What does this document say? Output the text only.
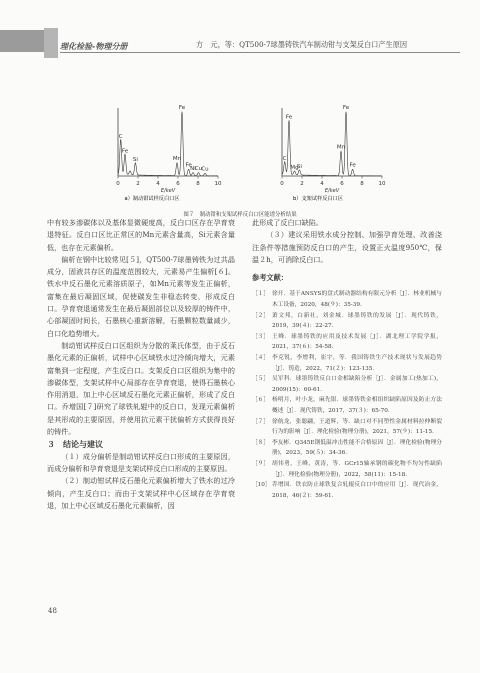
理化检验-物理分册	方　元，等：QT500-7球墨铸铁汽车制动钳与支架反白口产生原因
0	2	4	6	8	10
E/keV
C
Fe
Si	Mn
Fe
Fe
Ni Cu Cu
0	2	4	6	8	10
E/keV
C
Fe
Mg
Si
Mn
Fe
Fe
a）制动钳试样反白口区	b）支架试样反白口区
图７　制动钳和支架试样反白口区能谱分析结果

中有较多渗碳体以及基体显微硬度高，反白口区存在孕育衰退特征。反白口区比正常区的Mn元素含量高，Si元素含量低，也存在元素偏析。

偏析在钢中比较常见[５]，QT500-7球墨铸铁为过共晶成分，固液共存区的温度范围较大，元素易产生偏析[６]。铁水中反石墨化元素溶质原子，如Mn元素等发生正偏析，富集在最后凝固区域，促使碳发生非稳态转变，形成反白口。孕育衰退通常发生在最后凝固部位以及较厚的铸件中，心部凝固时间长，石墨核心重新溶解，石墨颗粒数量减少，白口化趋势增大。

制动钳试样反白口区组织为分散的莱氏体型，由于反石墨化元素的正偏析，试样中心区域铁水过冷倾向增大，元素富集到一定程度，产生反白口。支架反白口区组织为集中的渗碳体型，支架试样中心局部存在孕育衰退，使得石墨核心作用消退，加上中心区域反石墨化元素正偏析，形成了反白口。乔增国[７]研究了球铁轧辊中的反白口，发现元素偏析是其形成的主要原因，并使用抗元素干扰偏析方式获得良好的铸件。

３　结论与建议

（１）成分偏析是制动钳试样反白口形成的主要原因，而成分偏析和孕育衰退是支架试样反白口形成的主要原因。

（２）制动钳试样反石墨化元素偏析增大了铁水的过冷倾向，产生反白口；而由于支架试样中心区域存在孕育衰退，加上中心区域反石墨化元素偏析，因

此形成了反白口缺陷。

（３）建议采用铁水成分控制、加强孕育处理、改善浇注条件等措施预防反白口的产生，设置正火温度950℃，保温２h，可消除反白口。

参考文献：
［１］ 徐开．基于ANSYS的盘式制动器结构有限元分析［J］．林业机械与木工设备，2020，48(９)：35-39．
［２］ 萧文邦，白新社，刘金城．球墨铸铁的发展［J］．现代铸铁，2019，39(４)：22-27．
［３］ 王峰．球墨铸铁的应用及技术发展［J］．湖北理工学院学报，2021，37(６)：54-58．
［４］ 李克锐，李增利，崔宇，等．我国铸铁生产技术现状与发展趋势［J］．铸造，2022，71(２)：123-135．
［５］ 吴军科．球墨铸铁反白口金相缺陷分析［J］．金属加工(热加工)，2009(15)：60-61．
［６］ 杨明月，叶小龙，麻先银．球墨铸铁金相组织缺陷原因及防止方法概述［J］．现代铸铁，2017，37(３)：65-70．
［７］ 徐航龙，张聪翩，王道辉，等．缺口对不同塑性金属材料拉伸断裂行为的影响［J］．理化检验(物理分册)，2021，57(９)：11-15．
［８］ 李友彬．Q345E钢低温冲击性能不合格原因［J］．理化检验(物理分册)，2023，59(５)：34-36．
［９］ 胡伟勇，王峰，黄涛，等．GCr15轴承钢的碳化物不均匀性缺陷［J］．理化检验(物理分册)，2022，58(11)：15-18．
［10］ 乔增国．铁衣防止球铁复合轧辊反白口中的应用［J］．现代冶金，2018，46(２)：59-61．
48
